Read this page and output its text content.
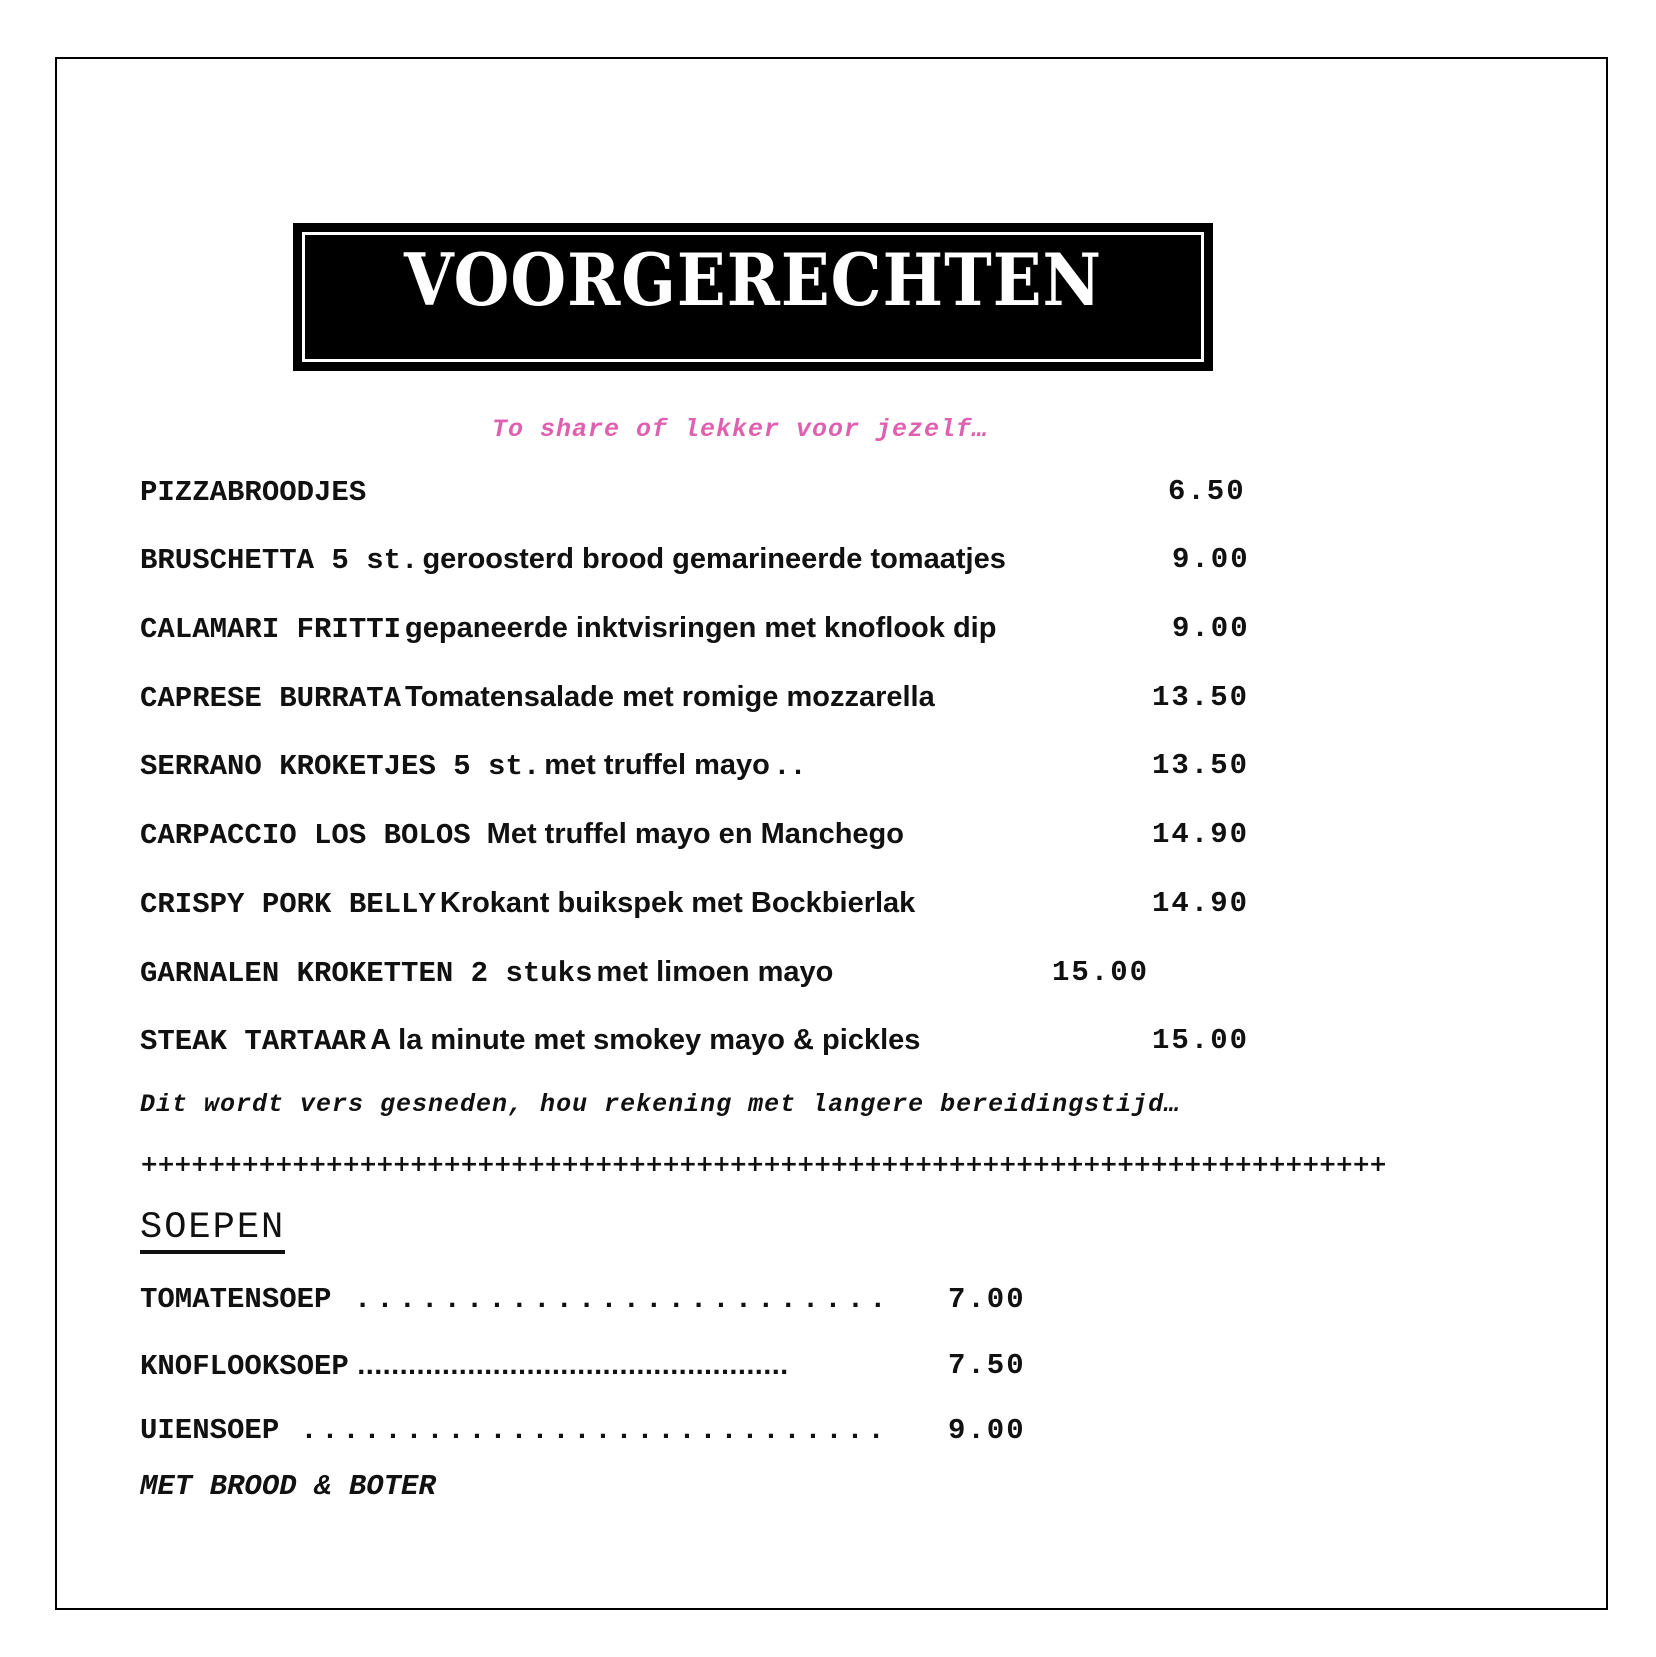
VOORGERECHTEN
To share of lekker voor jezelf…
PIZZABROODJES	6.50
BRUSCHETTA 5 st. geroosterd brood gemarineerde tomaatjes	9.00
CALAMARI FRITTI gepaneerde inktvisringen met knoflook dip	9.00
CAPRESE BURRATA Tomatensalade met romige mozzarella	13.50
SERRANO KROKETJES 5 st. met truffel mayo . .	13.50
CARPACCIO LOS BOLOS Met truffel mayo en Manchego	14.90
CRISPY PORK BELLY Krokant buikspek met Bockbierlak	14.90
GARNALEN KROKETTEN 2 stuks met limoen mayo	15.00
STEAK TARTAAR A la minute met smokey mayo & pickles	15.00
Dit wordt vers gesneden, hou rekening met langere bereidingstijd…
++++++++++++++++++++++++++++++++++++++++++++++++++++++++++++++++++++++++++
SOEPEN
TOMATENSOEP ........................ 7.00
KNOFLOOKSOEP ...................................................	7.50
UIENSOEP ............................ 9.00
MET BROOD & BOTER
